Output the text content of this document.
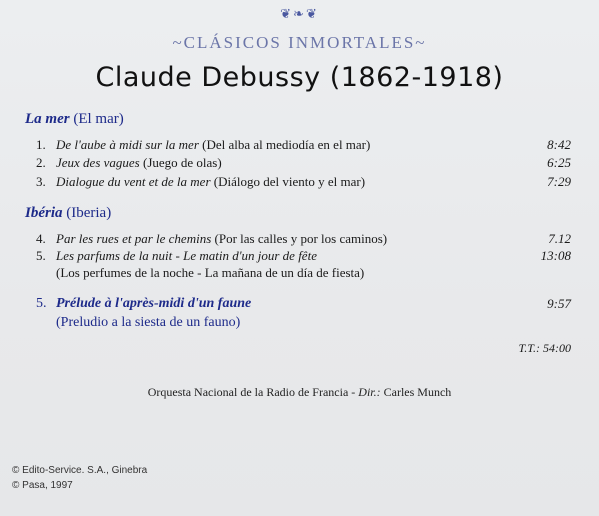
❦❧❦
~CLÁSICOS INMORTALES~
Claude Debussy (1862-1918)
La mer (El mar)
1. De l'aube à midi sur la mer (Del alba al mediodía en el mar)	8:42
2. Jeux des vagues (Juego de olas)	6:25
3. Dialogue du vent et de la mer (Diálogo del viento y el mar)	7:29
Ibéria (Iberia)
4. Par les rues et par le chemins (Por las calles y por los caminos)	7.12
5. Les parfums de la nuit - Le matin d'un jour de fête	13:08
(Los perfumes de la noche - La mañana de un día de fiesta)
5. Prélude à l'après-midi d'un faune	9:57
(Preludio a la siesta de un fauno)
T.T.: 54:00
Orquesta Nacional de la Radio de Francia - Dir.: Carles Munch
© Edito-Service. S.A., Ginebra
© Pasa, 1997
